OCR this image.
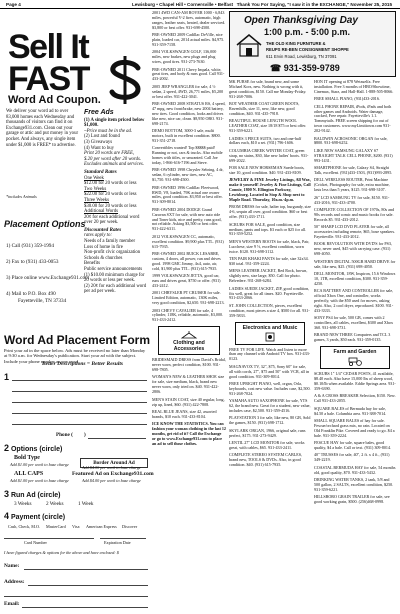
Page 4	Lewisburg • Chapel Hill • Cornersville • Belfast Thank You For Saying, "I saw it in the EXCHANGE," November 25, 2015
Sell It
FAST
Word Ad Coupon.
We deliver your word ad to over 83,000 homes each Wednesday and thousands of visitors can find it on Exchange931.com. Clean out your garage or attic and put money in your pocket. And always, any single item under $1,000 is FREE* to advertise.
*includes Animals
Free Ads
(1) A single item priced below $1,000.
~Price must be in the ad.
(2) Lost and found
(3) Giveaways
(4) Want to buy
Print 20 words are FREE,
$.20 per word after 20 words.
Excludes animals and services.
Standard Rates
One Week
$12.00 for 20 words or less
Two Weeks
$22.00 for 20 words or less
Three Weeks
$30.00 for 20 words or less
Additional Words
20¢ for each additional word over 20 per week.
Discounted Rates
rates apply to:
Needs of a family member
Loss of home in fire
Non-profit civic organization
Schools & churches
Benefits
Public service announcements
(1) $10.00 minimum charge for 20 words or less per week.
(2) 20¢ for each additional word per ad per week.
Placement Options
1) Call (931) 359-1994
2) Fax to (931) 433-0053
3) Place online www.Exchange931.com
4) Mail to P.O. Box 490
Fayetteville, TN 37334
Word Ad Placement Form
Print your ad in the space below. Ads must be received no later than Monday at 9:30 a.m. for Wednesday's publication. Start your ad with the subject. Include your phone number as one word.
Better Descriptions = Better Results
1
Phone ( )
2 Options (circle)
Bold Type
Add $1.00 per week to base charge
ALL CAPS
Add $1.00 per week to base charge
Border Around Ad
Add $4.00 per week to base charge
Featured Ad on Exchange931.com
Add $4.00 per week to base charge
3 Run Ad (circle)
3 Weeks	2 Weeks	1 Week
4 Payment (circle)
Cash, Check, M.O. MasterCard Visa American Express Discover
Card Number	Expiration Date
I have figured charges & options for the above and have enclosed: $
Name:
Address:
Email:
2001 4WD CAN-AM ROVER 1000 - 6,843 miles, powerful V-2 fires, automatic, high ranges, leather seats, heated, dealer serviced. $3,800 or best offer. 931-698-4500.
PRE-OWNED 2009 Cadillac DeVille, nice plain, loaded car, 2014 actual miles. $4,975. 931-359-7158.
2004 VOLKSWAGEN GOLF, 136,000 miles, new brakes, new plugs and plug wires, good tires. 931-273-7630.
PRE-OWNED 2011 Chevy Impala, white, great tires, and body & runs good. Call 931-433-2002.
2005 JEEP WRANGLER for sale, 4 ½ sedan, 2 speed, 4WD, 26,771 miles, $5,200 or best offer. 931-422-3041.
PRE-OWNED 2008 STRATUS RS, 4 speed, 47 mpg, new front/brake, new 2004 battery, new tires. Good condition, looks and drives like new, nice car, clean. $8,950 OBO. 931-698-2174.
DEMO BOTTOM, 3000-3 sale, multi motors, built in excellent condition. $800. 931-351-2718.
Convertibles wanted! Top $$$$$ paid! Running or not, cars & trucks. Also mobile homes with titles, or unwanted. Call Joe today, 1-866-616-7196 and Steve.
PRE-OWNED 1998 Chrysler Sebring, 4 dr, sedan, 6 cylinder, new tires, new AC, $1,750. 931-698-4500.
PRE-OWNED 1996 Cadillac Fleetwood, RWD, V8, loaded, 79K actual one owner miles, good condition. $3,950 or best offer. 931-309-8014.
PRE-OWNED 2004 DODGE Grand Caravan SXT for sale, with new auto ride and Toner kids, nice and pretty, runs good, not reliable. Asking $3,500 or best offer. 931-422-6311.
2012 VOLKSWAGEN CC, automatic, excellent condition. $9,900 plus TTL. (931) 615-7935.
PRE-OWNED 2002 BUICK LESABRE, custom, 4 doors, all power, run and drives good. 1998 GMC Jimmy, 4x4, auto, air, cold, $1,900 plus TTL. (931) 615-7935.
1999 VOLKSWAGEN JETTA, good car, runs and drives great, $750 or offer. (931) 433-2412.
2001 CHRYSLER PT CRUISER for sale. Limited Edition, automatic, 130K miles, very good condition, $2,650. 931-698-2213.
2003 CHEVY CAVALIER for sale, 4 cylinder, 118K, reliable, automatic, $3,000. 931-433-2412.
Clothing and Accessories
BRIDESMAID DRESS from David's Bridal, never worn, perfect condition, $100. 931-698-7805.
WOMAN'S NEW & LEATHER SHOE size for sale, size medium, black, brand new never worn, only tried on. $40. 931-422-2806.
MEN'S STAIN COAT, size 40 regular, long, zip up, lined, $60. (931) 422-7808.
REAL BLUE JEANS, size 42, assorted brands, $10 each. 931-433-8104.
ICE KNOW THE STATISTICS. You can fashion your woman clothing in the last 12 months, get rid of it? Call the Exchange or go to www.Exchange931.com to place an ad to sell those clothes.
Open Thanksgiving Day
1:00 p.m. - 5:00 p.m.
THE OLD KING FURNITURE &
REUPS RE-BEN CONSIGNMENT SHOPPE
611 Ervin Road, Lewisburg, TN 37091
☎ 931-359-9789
MK PURSE for sale, brand new, and some Michael Kors, new. Nothing is wrong with it, great condition, $150. Call me Monday-Friday. 931-268-7006.
BOT WEATHER COAT GREEN BOOTS, Ravenhills, size 11, new, like new, good condition, $40. 931-435-7918.
BEAUTIFUL HOUSE LENGTH WOOL LEATHER COAT, size 18/18 $75 or best offer. 931-359-6221.
LADIES 3 PIECE SUITS, two and one-half dollars each, $10 a set. (931) 796-1606.
COLUMBIA CREEK WINTER COAT, green strap, no stains, $30, like new ladies' boots. 931-699-2022.
FOR SALE NEW HORSEMAN Suede boots, size 10, good condition. $40. 931-433-8109.
JEWELRY & FINE Jewelry Listings, All Wax, make it yourself! Jewelry & Fine Listings, Call Connie, 1800 N. Ellington Parkway, Lewisburg. Located in Stop & Shop next to Maple Road. Thursday, 10a.m.-4p.m.
PROM DRESS for sale, halter top, burgundy, size 4-6, sequin all over, good condition. $60 or best offer. (931) 433-1711.
SCRUBS FOR SALE, good condition, size medium, pants and tops. $3 each or $25 for all. 931-359-5252.
MEN'S WESTERN BOOTS for sale, black, Pair, Lucchese, size 9 ½, excellent condition, worn twice. $120. 931-698-3112.
TEN PAIR KHAKI PANTS for sale, size 32x34. $30 total. 931-359-2224.
MENS LEATHER JACKET, Red Rock, brown, slightly new, size large, $50. Call for photo. Belvedere. 931-268-6284.
LADIES SUEDE JACKET, ZIP, good condition, fits well, great for all times. $20. Fayetteville. 931-433-2066.
ST. JOHN COLLECTION, pieces, excellent condition, most pieces a size 4, $500 for all. 931-359-5833.
Electronics and Music
FREE TV FOR LIFE. Watch and listen to more than any channel with Android TV box. 931-433-0123.
MAGNAVOX TV, 32", $75, Sony 60" for sale, all with cords, 27", $75 and 50" with VCR, all in good condition. 931-309-8014.
FREE UPRIGHT PIANO, well, organ, Orla, keyboards, cost new value. Includes case, $2,500. 931-268-7024.
YAMAHA AUTO SAXOPHONE for sale, YTS 62, the brand new. Great for a student, new value, includes case, $2,500. 931-359-4516.
PLAYSTATION 3 for sale, like new, 80 GB, Sold the games, $150. (931) 698-1712.
SKYLARK ORGAN, 1966, original sale, runs perfect, $175. 931-273-9429.
LENTIL 27" LCD MONITOR for sale, works great, with cables, $65. 931-433-2411.
COMPLETE STEREO SYSTEM CABLES, brand new, TOOLS & DVDs. Also, in good condition. $40. (931) 615-7935.
HON IT opening at 878 Wetzuelfa. Free installation. Free 3 months of HBO/Showtime, Cinemax, Starz, and Hall-Hall. 1-888-505-8066.
FREE SMALL PIANO, (931)433-2016.
CELL PHONE REPAIR, iPods, iPads and both other games and Androids. Water damage, cracked, Free repair. Fayetteville's 1.1. Tommytails. FREE screen shipping for out of town customers. www.myLimittown.com 931-202-9142.
BALDWIN ACROSONIC ORGAN for sale, $800. 931-698-6252.
LIKE NEW SAMSUNG GALAXY S7 STRAIGHT TALK CELL PHONE, $200. (931) 993-1431.
SMARTPHONE for sale, Galaxy S4, Straight Talk, excellent. (931)433-1503, (931)993-2895.
DELL WIRELESS ROUTER, Print Machine (Cricket, Photography for sale, extra machine, lasts less than 5 years, $125. 931-698-3107.
26" LCD SAMSUNG TV for sale, $150. 931-433-2016, 931-433-4700.
COMPLETE COLLECTION OF 1970s, 80s and 90s records and comic and music books for sale. Records $5. 931-433-2012.
50" SHARP LCD DVD PLAYER for sale, all accessories including remote, $65, bose speakers. Fayetteville. 931-433-2012.
BOOK REVOLUTION WITH DVD'S for PS3, new, never used, $45 with carrying case. (931) 698-4050.
WESTERN DIGITAL 500GB HARD DRIVE for sale, like new, $25. (931) 698-4050.
DELL MONITOR, 18W, Inspiron, 15.6 Windows 10, 1TB, excellent condition, $300. 931-359-4250.
RCA BATTERY AND CONTROLLER for sale, official Xbox One, and controller, works perfectly, with the $50 used for moves, asking right. Also, 2 cool dryer, reproduced. $100. 931-433-3333.
SONY PS4 for sale, 500 GB, comes with 2 controllers, all cables, excellent, $300 and Xbox 360. 931-698-3731.
BRAND NEW THREE Computers and TCL 3 games, 3 yards, $50 each. 931-359-0135.
Farm and Garden
SCRUBS 1" 1/4" CEDAR POSTS, 41 available, $8.40 each. Also have 15,000 lbs of sheep wool, $0.10/lb when available. Eddie Springs area. 931-359-6390.
A & A CROSS BREAKER Selection, $150. New. Call 931-433-2055.
SQUARE BALES of Bermuda hay for sale, $4.50 a bale. Columbia area. 931-388-7014.
SMALL SQUARE BALES of hay for sale. Fescue/orchard grass mix, no rain. Located on Old Franklin Pike. Covered and ready to go. $4 a bale. 931-359-2224.
FESCUE HAY for sale, square bales, good quality, $4 a bale. Call or text. (931) 309-8014.
40" TRUSSES for sale, 40", 2 ft. x 4 ft., (931) 349-2219.
COASTAL BERMUDA HAY for sale, 54 months old, good quality, $70. 931-433-5432.
DRINKING WATER TANKS, 2 tank, 5/8 and 500 gallon, 2 SALTS, excellent condition, $250. 931-359-6221.
HILLSBORO GRAIN TRAILER for sale, see good working grain, $500. (256)468-0998.
